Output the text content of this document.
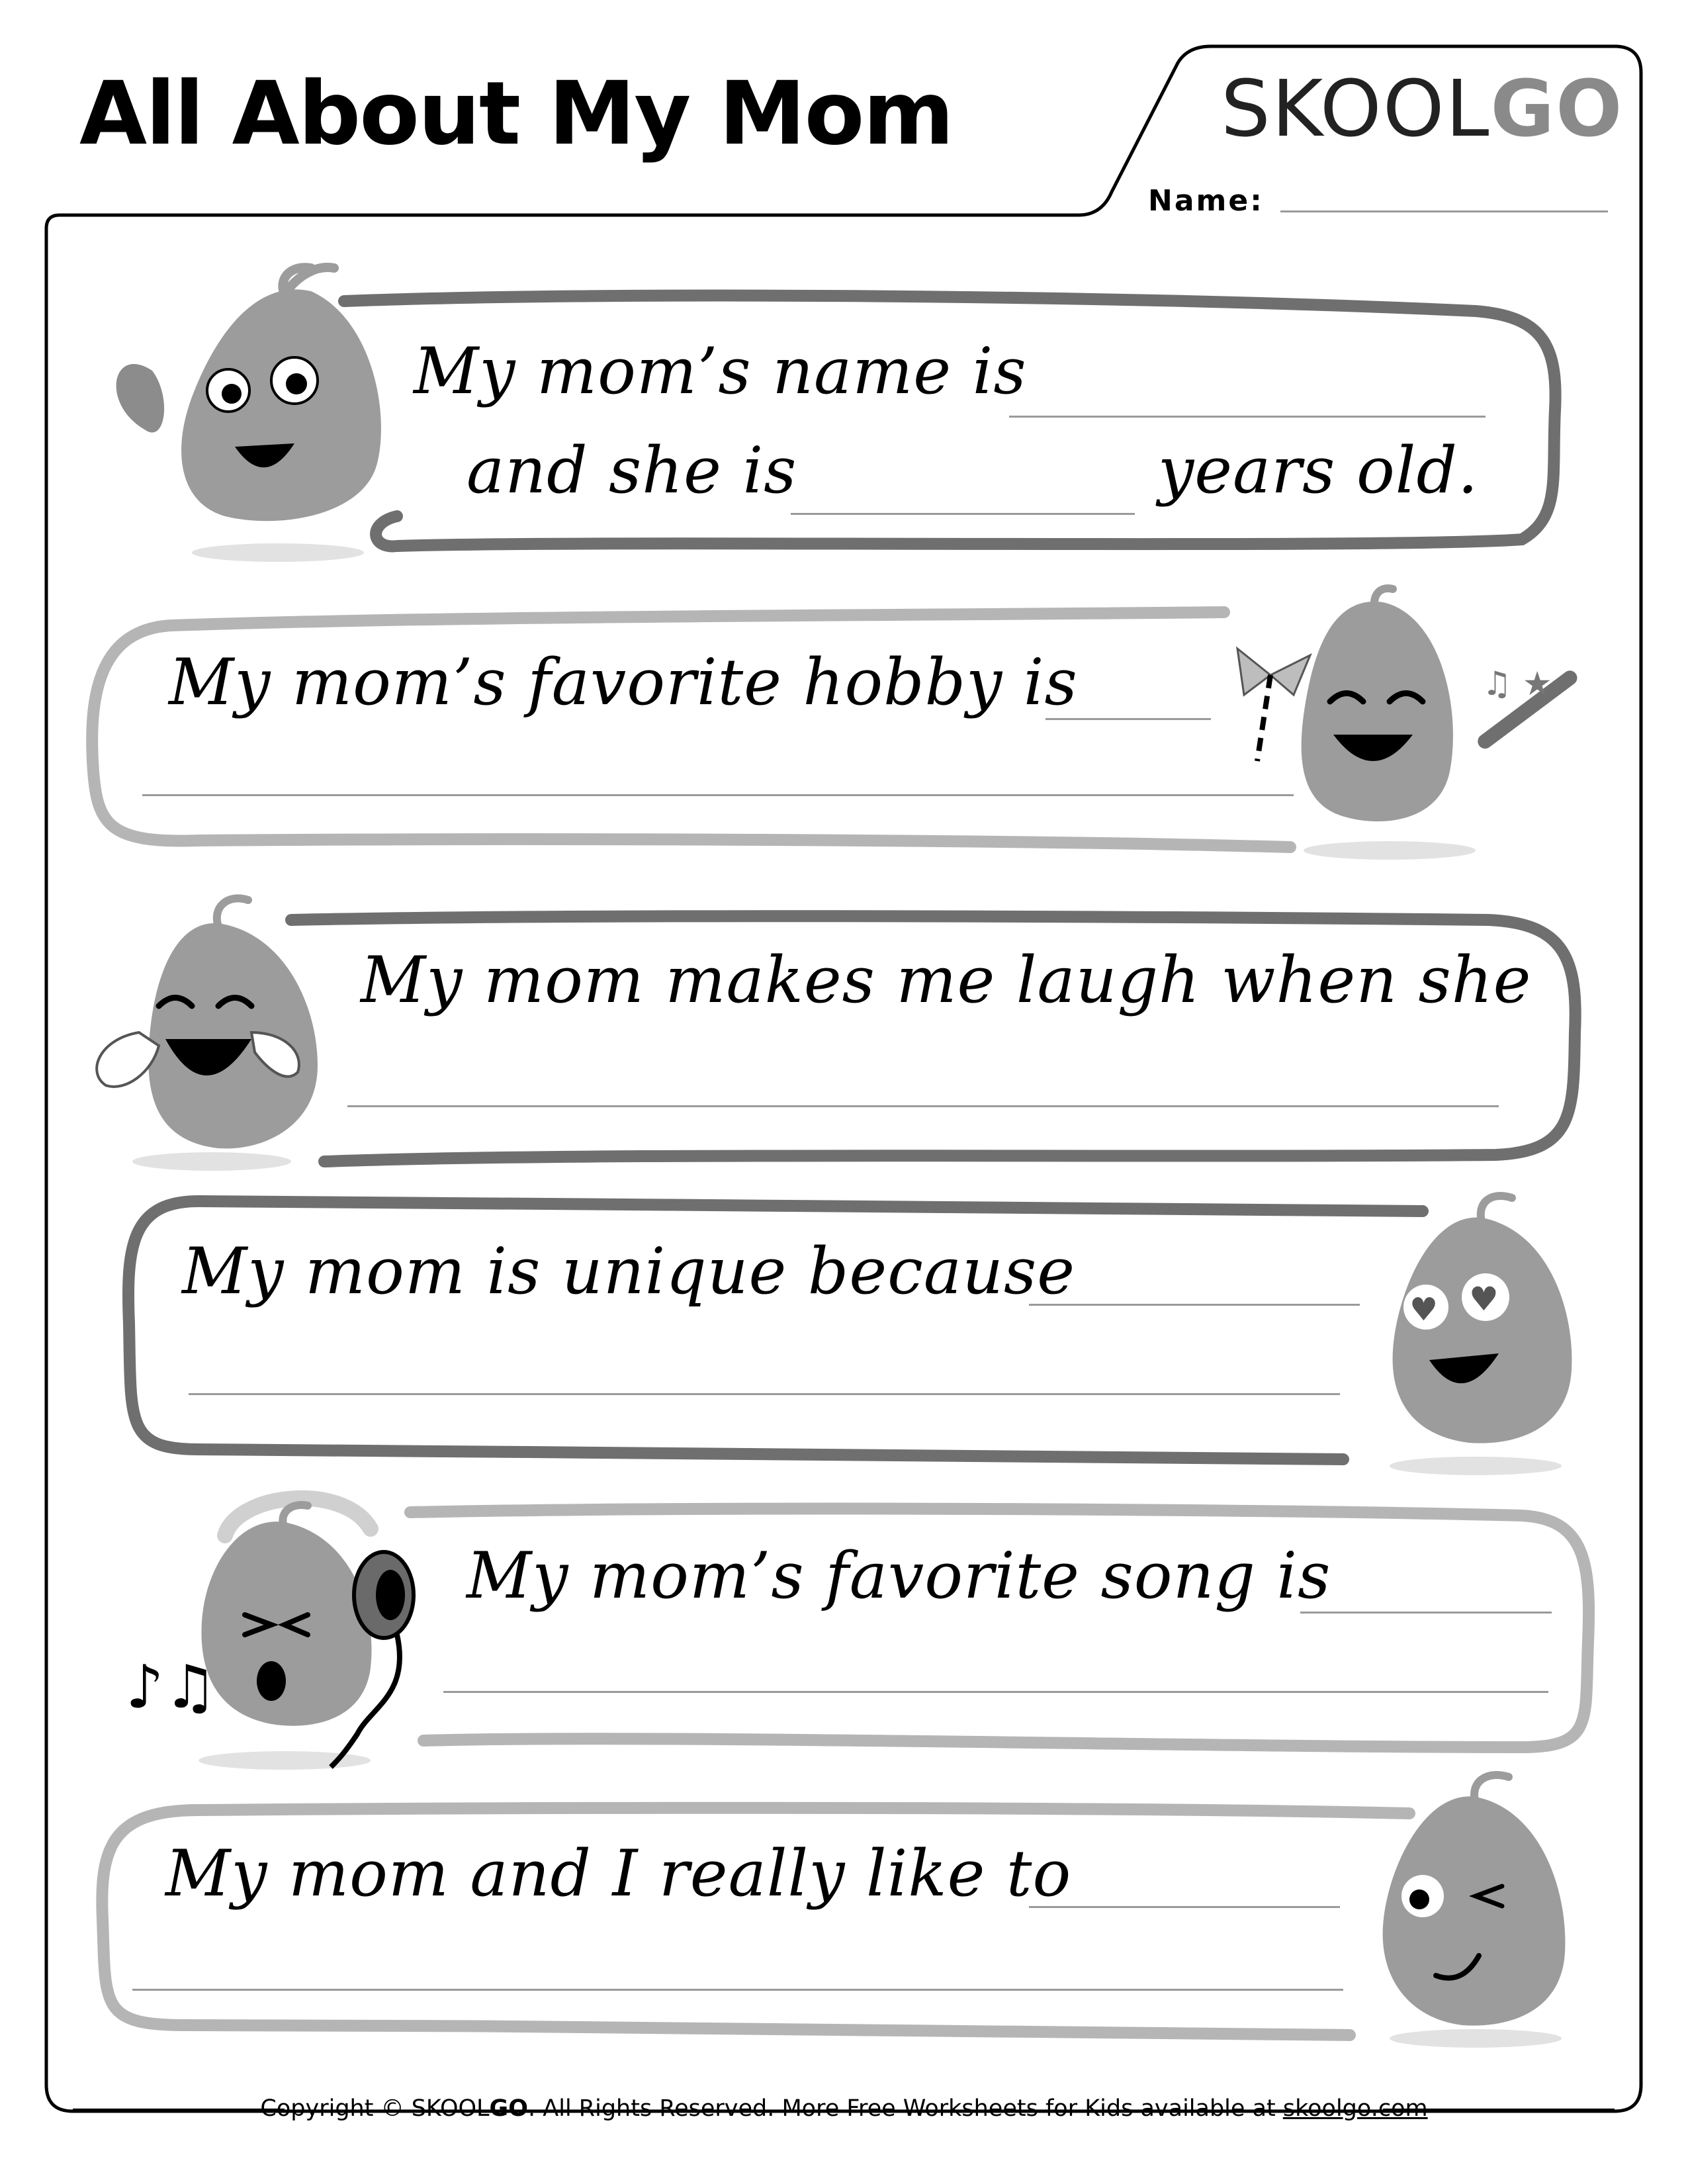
All About My Mom	SKOOLGO
Name:
♫ ★
♥ ♥
♪♫
My mom’s name is
and she is	years old.
My mom’s favorite hobby is
My mom makes me laugh when she
My mom is unique because
My mom’s favorite song is
My mom and I really like to
Copyright © SKOOLGO. All Rights Reserved. More Free Worksheets for Kids available at skoolgo.com
